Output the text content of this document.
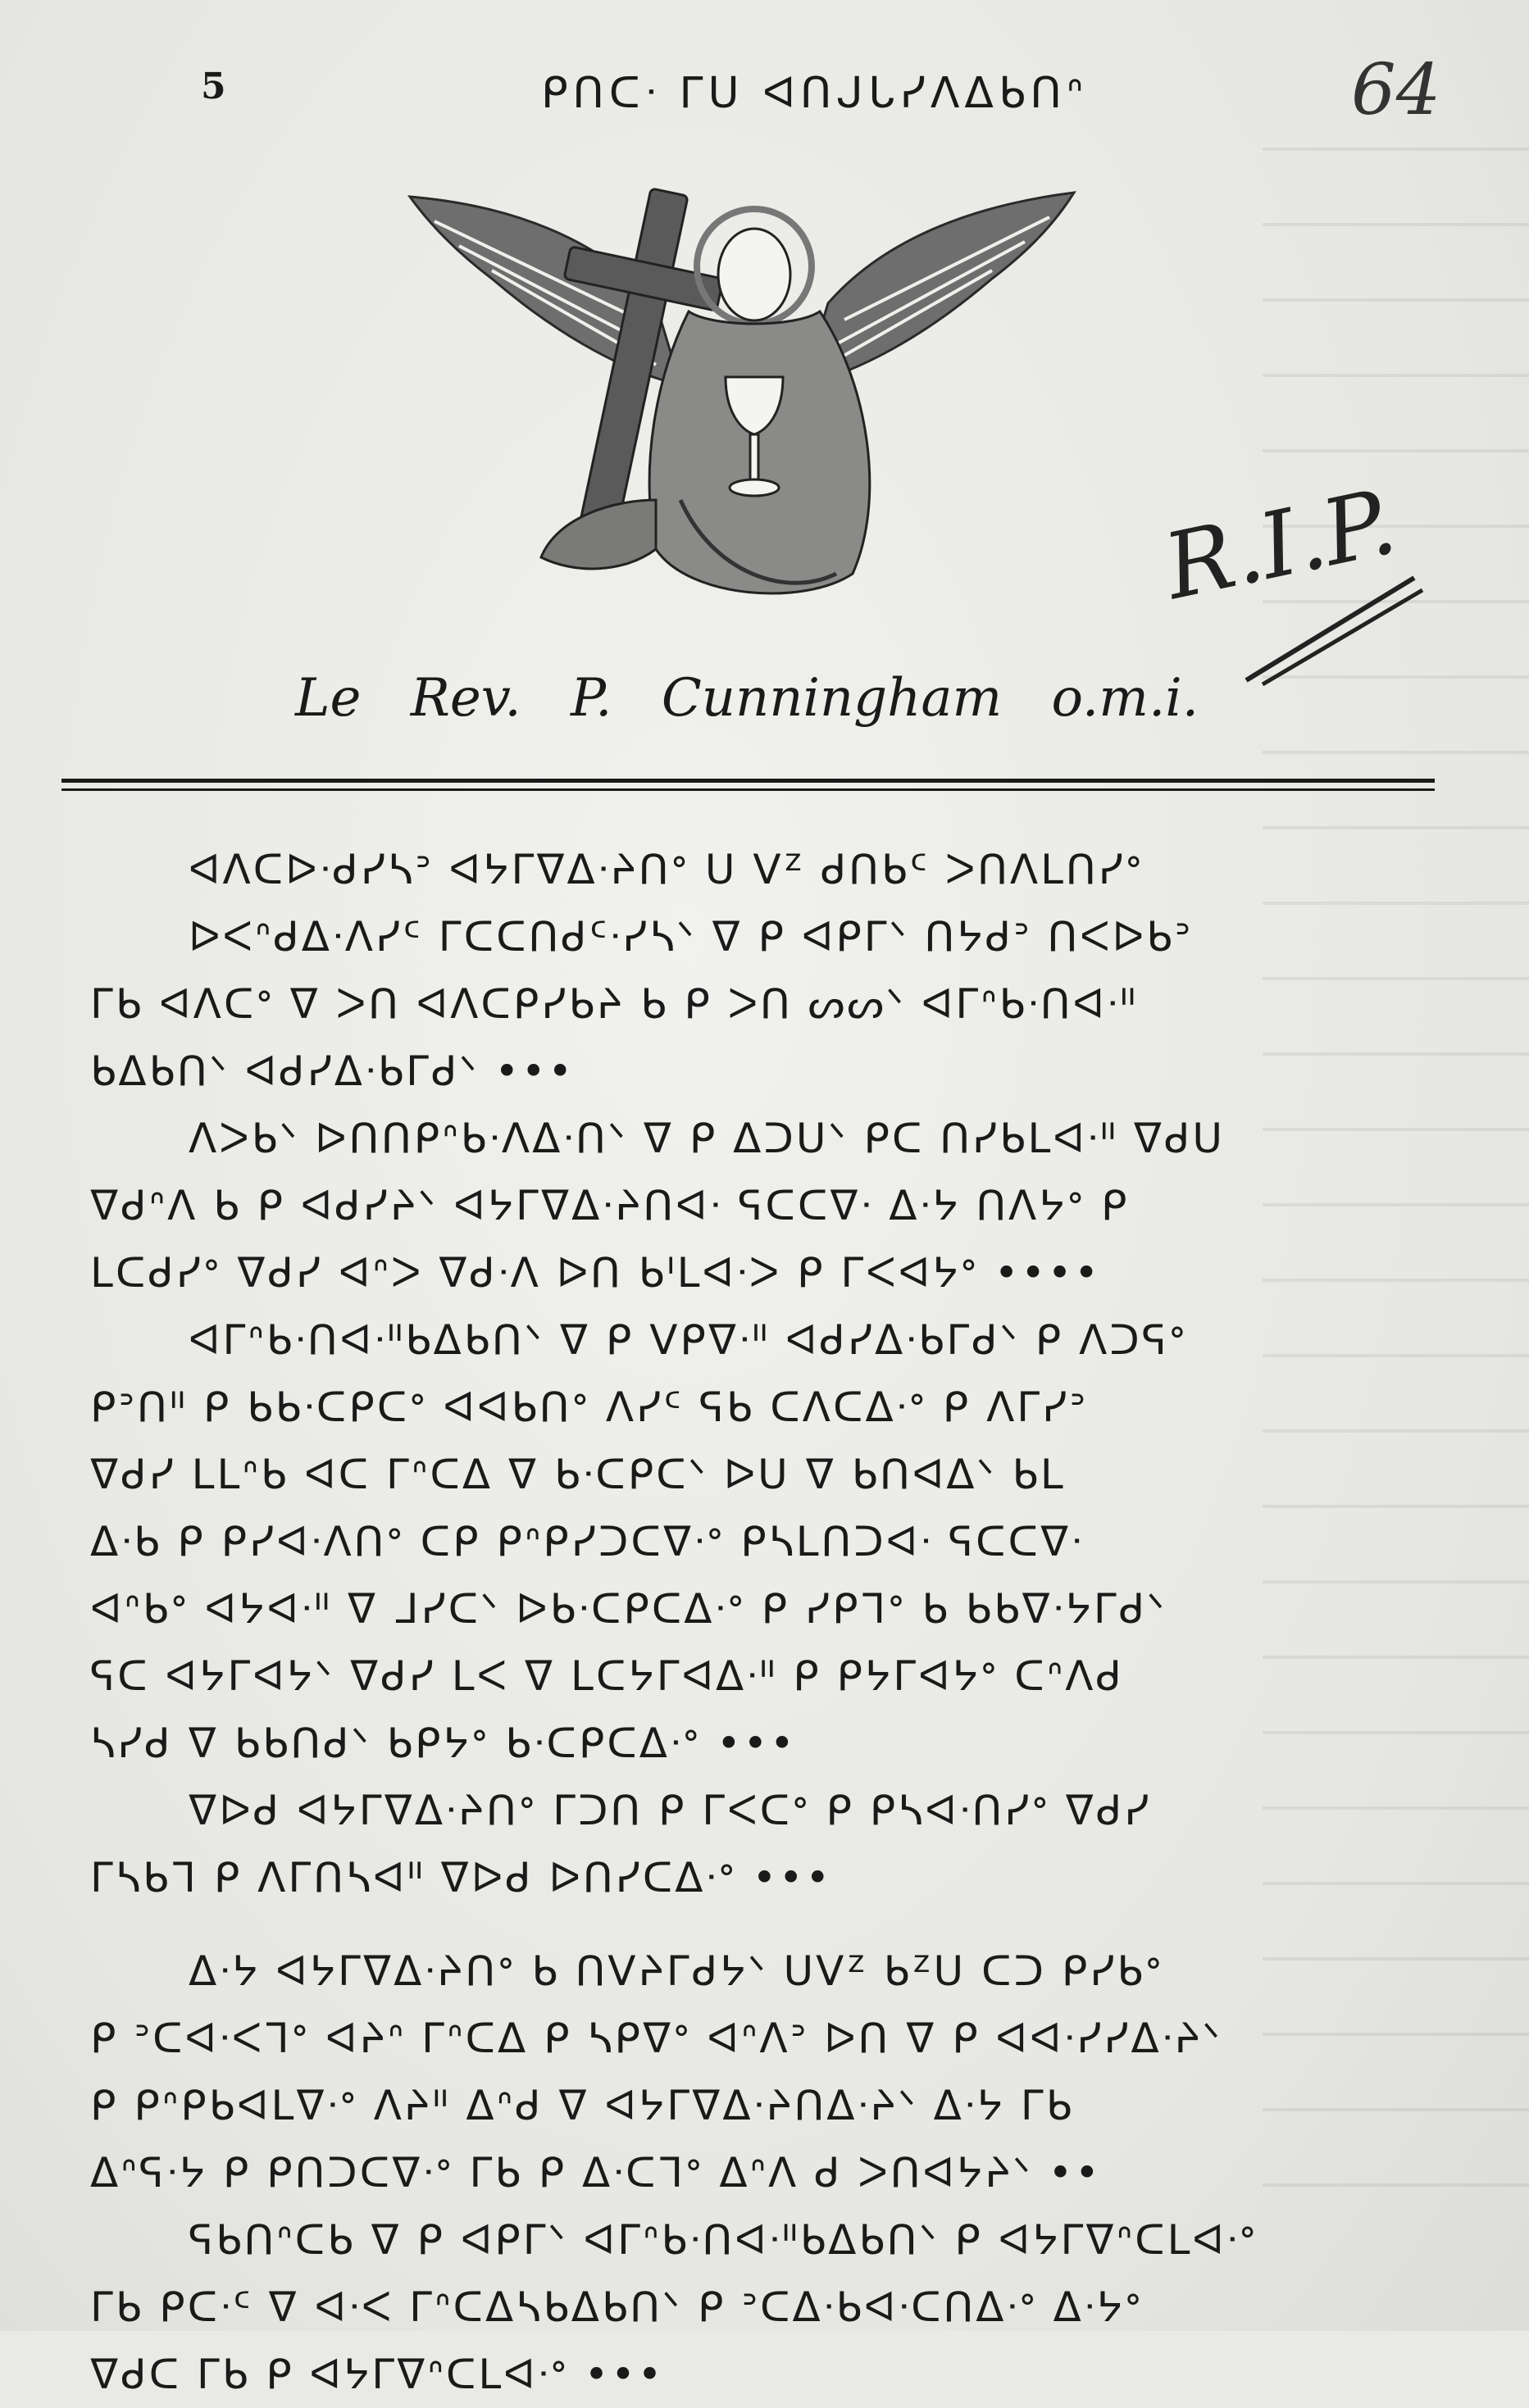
5	ᑭᑎᑕᐧ ᒥᑌ ᐊᑎᒍᒐᓯᐱᐃᑲᑎᐢ	64
R.I.P.
Le Rev. P. Cunningham o.m.i.
ᐊᐱᑕᐅᐧᑯᓯᓴᐣ ᐊᔭᒥᐁᐃᐧᔨᑎᐤ ᑌ ᐯᙆ ᑯᑎᑲᑦ ᐳᑎᐱᒪᑎᓯᐤ
ᐅᐸᐢᑯᐃᐧᐱᓯᑦ ᒥᑕᑕᑎᑯᑦᐧᓯᓴᐠ ᐁ ᑭ ᐊᑭᒥᐠ ᑎᔭᑯᐣ ᑎᐸᐅᑲᐣ
ᒥᑲ ᐊᐱᑕᐤ ᐁ ᐳᑎ ᐊᐱᑕᑭᓯᑲᔨ ᑲ ᑭ ᐳᑎ ᔕᔕᐠ ᐊᒥᐢᑲᐧᑎᐊᐧᐦ
ᑲᐃᑲᑎᐠ ᐊᑯᓯᐃᐧᑲᒥᑯᐠ •••
ᐱᐳᑲᐠ ᐅᑎᑎᑭᐢᑲᐧᐱᐃᐧᑎᐠ ᐁ ᑭ ᐃᑐᑌᐠ ᑭᑕ ᑎᓯᑲᒪᐊᐧᐦ ᐁᑯᑌ
ᐁᑯᐢᐱ ᑲ ᑭ ᐊᑯᓯᔨᐠ ᐊᔭᒥᐁᐃᐧᔨᑎᐊᐧ ᕋᑕᑕᐁᐧ ᐃᐧᔭ ᑎᐱᔭᐤ ᑭ
ᒪᑕᑯᓯᐤ ᐁᑯᓯ ᐊᐢᐳ ᐁᑯᐧᐱ ᐅᑎ ᑲᑊᒪᐊᐧᐳ ᑭ ᒥᐸᐊᔭᐤ ••••
ᐊᒥᐢᑲᐧᑎᐊᐧᐦᑲᐃᑲᑎᐠ ᐁ ᑭ ᐯᑭᐁᐧᐦ ᐊᑯᓯᐃᐧᑲᒥᑯᐠ ᑭ ᐱᑐᕋᐤ
ᑭᐣᑎᐦ ᑭ ᑲᑲᐧᑕᑭᑕᐤ ᐊᐊᑲᑎᐤ ᐱᓯᑦ ᕋᑲ ᑕᐱᑕᐃᐧᐤ ᑭ ᐱᒥᓯᐣ
ᐁᑯᓯ ᒪᒪᐢᑲ ᐊᑕ ᒥᐢᑕᐃ ᐁ ᑲᐧᑕᑭᑕᐠ ᐅᑌ ᐁ ᑲᑎᐊᐃᐠ ᑲᒪ
ᐃᐧᑲ ᑭ ᑭᓯᐊᐧᐱᑎᐤ ᑕᑭ ᑭᐢᑭᓯᑐᑕᐁᐧᐤ ᑭᓴᒪᑎᑐᐊᐧ ᕋᑕᑕᐁᐧ
ᐊᐢᑲᐤ ᐊᔭᐊᐧᐦ ᐁ ᒧᓯᑕᐠ ᐅᑲᐧᑕᑭᑕᐃᐧᐤ ᑭ ᓯᑭᒣᐤ ᑲ ᑲᑲᐁᐧᔭᒥᑯᐠ
ᕋᑕ ᐊᔭᒥᐊᔭᐠ ᐁᑯᓯ ᒪᐸ ᐁ ᒪᑕᔭᒥᐊᐃᐧᐦ ᑭ ᑭᔭᒥᐊᔭᐤ ᑕᐢᐱᑯ
ᓴᓯᑯ ᐁ ᑲᑲᑎᑯᐠ ᑲᑭᔭᐤ ᑲᐧᑕᑭᑕᐃᐧᐤ •••
ᐁᐅᑯ ᐊᔭᒥᐁᐃᐧᔨᑎᐤ ᒥᑐᑎ ᑭ ᒥᐸᑕᐤ ᑭ ᑭᓴᐊᐧᑎᓯᐤ ᐁᑯᓯ
ᒥᓴᑲᒣ ᑭ ᐱᒥᑎᓴᐊᐦ ᐁᐅᑯ ᐅᑎᓯᑕᐃᐧᐤ •••
ᐃᐧᔭ ᐊᔭᒥᐁᐃᐧᔨᑎᐤ ᑲ ᑎᐯᔨᒥᑯᔭᐠ ᑌᐯᙆ ᑲᙆᑌ ᑕᑐ ᑭᓯᑲᐤ
ᑭ ᐣᑕᐊᐧᐸᒣᐤ ᐊᔨᐢ ᒥᐢᑕᐃ ᑭ ᓴᑭᐁᐤ ᐊᐢᐱᐣ ᐅᑎ ᐁ ᑭ ᐊᐊᐧᓯᓯᐃᐧᔨᐠ
ᑭ ᑭᐢᑭᑲᐊᒪᐁᐧᐤ ᐱᔨᐦ ᐃᐢᑯ ᐁ ᐊᔭᒥᐁᐃᐧᔨᑎᐃᐧᔨᐠ ᐃᐧᔭ ᒥᑲ
ᐃᐢᕋᐧᔭ ᑭ ᑭᑎᑐᑕᐁᐧᐤ ᒥᑲ ᑭ ᐃᐧᑕᒣᐤ ᐃᐢᐱ ᑯ ᐳᑎᐊᔭᔨᐠ ••
ᕋᑲᑎᐢᑕᑲ ᐁ ᑭ ᐊᑭᒥᐠ ᐊᒥᐢᑲᐧᑎᐊᐧᐦᑲᐃᑲᑎᐠ ᑭ ᐊᔭᒥᐁᐢᑕᒪᐊᐧᐤ
ᒥᑲ ᑭᑕᐧᑦ ᐁ ᐊᐧᐸ ᒥᐢᑕᐃᓴᑲᐃᑲᑎᐠ ᑭ ᐣᑕᐃᐧᑲᐊᐧᑕᑎᐃᐧᐤ ᐃᐧᔭᐤ
ᐁᑯᑕ ᒥᑲ ᑭ ᐊᔭᒥᐁᐢᑕᒪᐊᐧᐤ •••
